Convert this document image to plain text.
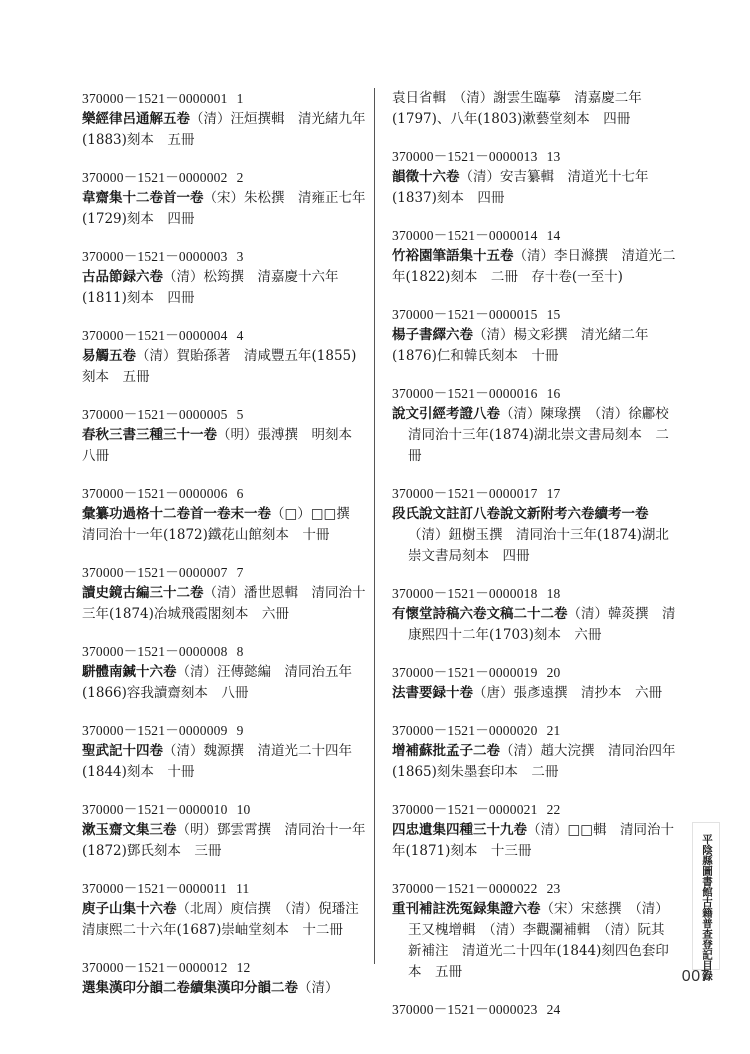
370000－1521－0000001 1
樂經律呂通解五卷（清）汪烜撰輯　清光緒九年(1883)刻本　五冊
370000－1521－0000002 2
韋齋集十二卷首一卷（宋）朱松撰　清雍正七年(1729)刻本　四冊
370000－1521－0000003 3
古品節録六卷（清）松筠撰　清嘉慶十六年(1811)刻本　四冊
370000－1521－0000004 4
易觸五卷（清）賀貽孫著　清咸豐五年(1855)刻本　五冊
370000－1521－0000005 5
春秋三書三種三十一卷（明）張溥撰　明刻本　八冊
370000－1521－0000006 6
彙纂功過格十二卷首一卷末一卷（□）□□撰　清同治十一年(1872)鐵花山館刻本　十冊
370000－1521－0000007 7
讀史鏡古編三十二卷（清）潘世恩輯　清同治十三年(1874)冶城飛霞閣刻本　六冊
370000－1521－0000008 8
駢體南鍼十六卷（清）汪傳懿編　清同治五年(1866)容我讀齋刻本　八冊
370000－1521－0000009 9
聖武記十四卷（清）魏源撰　清道光二十四年(1844)刻本　十冊
370000－1521－0000010 10
漱玉齋文集三卷（明）鄧雲霄撰　清同治十一年(1872)鄧氏刻本　三冊
370000－1521－0000011 11
庾子山集十六卷（北周）庾信撰　（清）倪璠注　清康熙二十六年(1687)崇岫堂刻本　十二冊
370000－1521－0000012 12
選集漢印分韻二卷續集漢印分韻二卷（清）
袁日省輯　（清）謝雲生臨摹　清嘉慶二年(1797)、八年(1803)漱藝堂刻本　四冊
370000－1521－0000013 13
韻徵十六卷（清）安吉纂輯　清道光十七年(1837)刻本　四冊
370000－1521－0000014 14
竹裕園筆語集十五卷（清）李日滌撰　清道光二年(1822)刻本　二冊　存十卷(一至十)
370000－1521－0000015 15
楊子書繹六卷（清）楊文彩撰　清光緒二年(1876)仁和韓氏刻本　十冊
370000－1521－0000016 16
說文引經考證八卷（清）陳瑑撰　（清）徐鄘校　清同治十三年(1874)湖北崇文書局刻本　二冊
370000－1521－0000017 17
段氏說文註訂八卷說文新附考六卷續考一卷（清）鈕樹玉撰　清同治十三年(1874)湖北崇文書局刻本　四冊
370000－1521－0000018 18
有懷堂詩稿六卷文稿二十二卷（清）韓菼撰　清康熙四十二年(1703)刻本　六冊
370000－1521－0000019 20
法書要録十卷（唐）張彥遠撰　清抄本　六冊
370000－1521－0000020 21
增補蘇批孟子二卷（清）趙大浣撰　清同治四年(1865)刻朱墨套印本　二冊
370000－1521－0000021 22
四忠遺集四種三十九卷（清）□□輯　清同治十年(1871)刻本　十三冊
370000－1521－0000022 23
重刊補註洗冤録集證六卷（宋）宋慈撰　（清）王又槐增輯　（清）李觀瀾補輯　（清）阮其新補注　清道光二十四年(1844)刻四色套印本　五冊
370000－1521－0000023 24
平陰縣圖書館古籍普查登記目録
007
